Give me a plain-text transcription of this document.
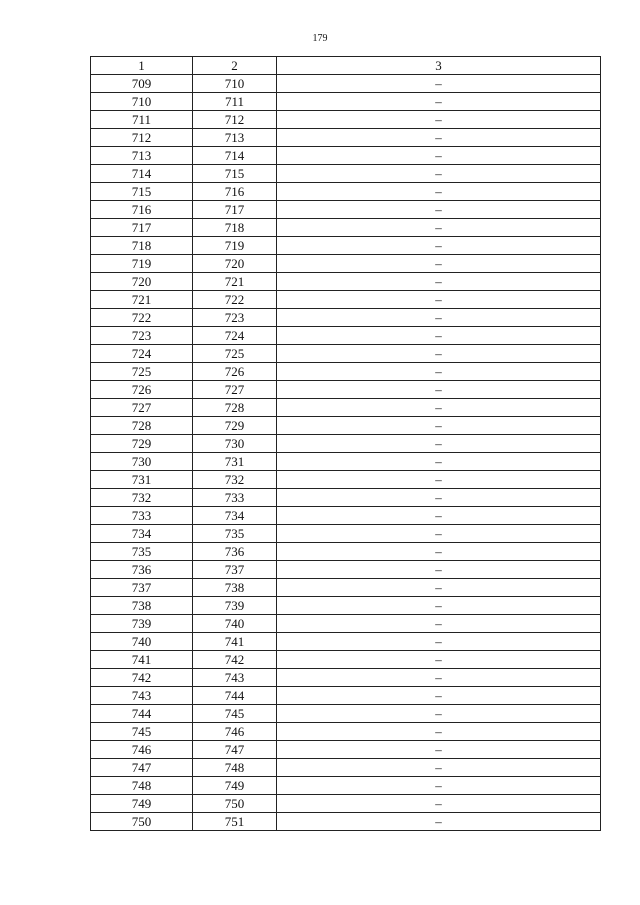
179
1	2	3
709	710	–
710	711	–
711	712	–
712	713	–
713	714	–
714	715	–
715	716	–
716	717	–
717	718	–
718	719	–
719	720	–
720	721	–
721	722	–
722	723	–
723	724	–
724	725	–
725	726	–
726	727	–
727	728	–
728	729	–
729	730	–
730	731	–
731	732	–
732	733	–
733	734	–
734	735	–
735	736	–
736	737	–
737	738	–
738	739	–
739	740	–
740	741	–
741	742	–
742	743	–
743	744	–
744	745	–
745	746	–
746	747	–
747	748	–
748	749	–
749	750	–
750	751	–
